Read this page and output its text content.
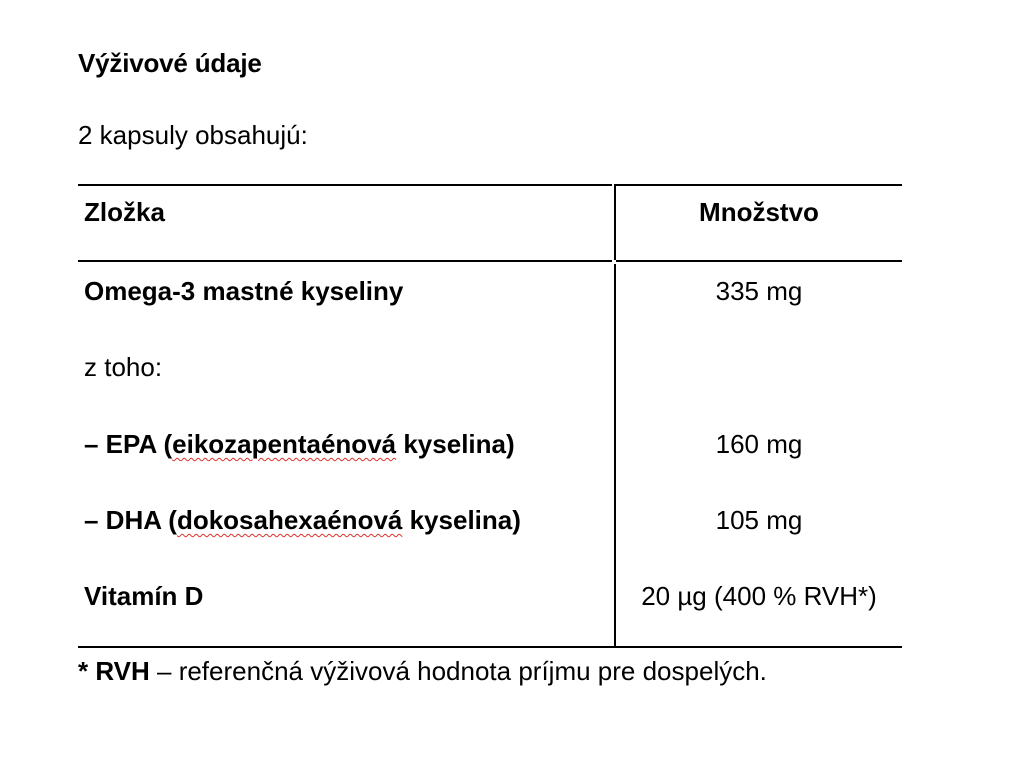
Výživové údaje
2 kapsuly obsahujú:
Zložka	Množstvo
Omega-3 mastné kyseliny	335 mg
z toho:
– EPA (eikozapentaénová kyselina)	160 mg
– DHA (dokosahexaénová kyselina)	105 mg
Vitamín D	20 µg (400 % RVH*)
* RVH – referenčná výživová hodnota príjmu pre dospelých.
